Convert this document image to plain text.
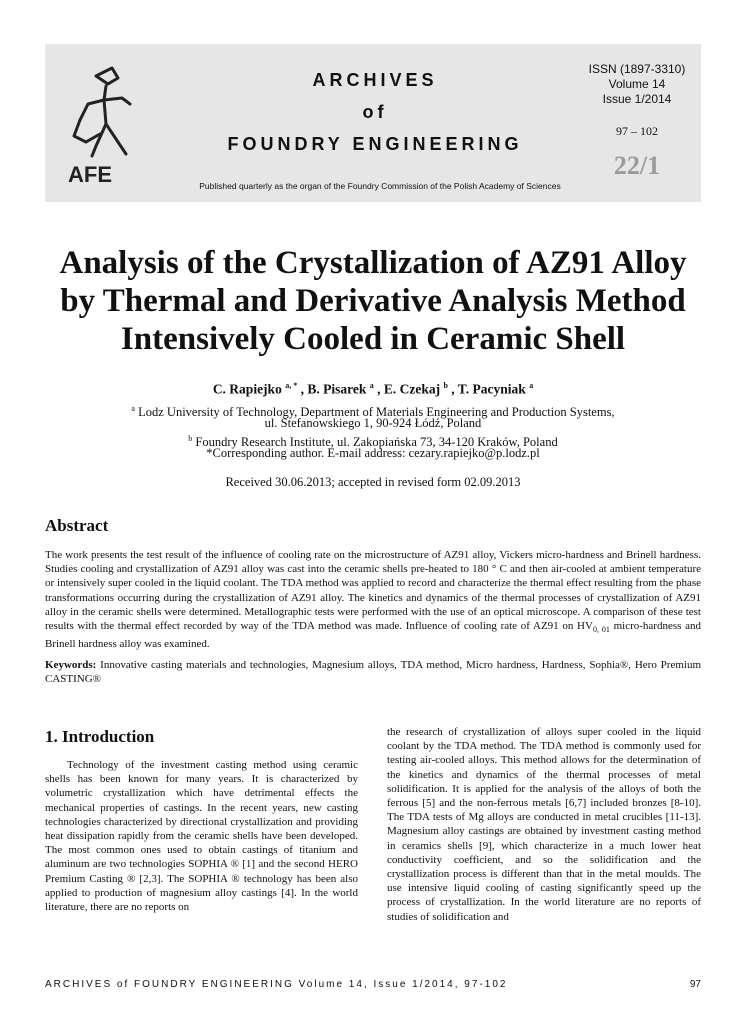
AFE
ARCHIVES
of
FOUNDRY ENGINEERING
Published quarterly as the organ of the Foundry Commission of the Polish Academy of Sciences
ISSN (1897-3310)
Volume 14
Issue 1/2014
97 – 102
22/1
Analysis of the Crystallization of AZ91 Alloy
by Thermal and Derivative Analysis Method
Intensively Cooled in Ceramic Shell
C. Rapiejko $^{a, *}$ , B. Pisarek $^a$ , E. Czekaj $^b$ , T. Pacyniak $^a$
$^a$ Lodz University of Technology, Department of Materials Engineering and Production Systems,
ul. Stefanowskiego 1, 90-924 Łódź, Poland
$^b$ Foundry Research Institute, ul. Zakopiańska 73, 34-120 Kraków, Poland
*Corresponding author. E-mail address: cezary.rapiejko@p.lodz.pl
Received 30.06.2013; accepted in revised form 02.09.2013
Abstract
The work presents the test result of the influence of cooling rate on the microstructure of AZ91 alloy, Vickers micro-hardness and Brinell hardness. Studies cooling and crystallization of AZ91 alloy was cast into the ceramic shells pre-heated to 180 ° C and then air-cooled at ambient temperature or intensively super cooled in the liquid coolant. The TDA method was applied to record and characterize the thermal effect resulting from the phase transformations occurring during the crystallization of AZ91 alloy. The kinetics and dynamics of the thermal processes of crystallization of AZ91 alloy in the ceramic shells were determined. Metallographic tests were performed with the use of an optical microscope. A comparison of these test results with the thermal effect recorded by way of the TDA method was made. Influence of cooling rate of AZ91 on $HV_{0, 01}$ micro-hardness and Brinell hardness alloy was examined.
Keywords: Innovative casting materials and technologies, Magnesium alloys, TDA method, Micro hardness, Hardness, Sophia®, Hero Premium CASTING®
1. Introduction
Technology of the investment casting method using ceramic shells has been known for many years. It is characterized by volumetric crystallization which have detrimental effects the mechanical properties of castings. In the recent years, new casting technologies characterized by directional crystallization and providing heat dissipation rapidly from the ceramic shells have been developed. The most common ones used to obtain castings of titanium and aluminum are two technologies SOPHIA ® [1] and the second HERO Premium Casting ® [2,3]. The SOPHIA ® technology has been also applied to production of magnesium alloy castings [4]. In the world literature, there are no reports on
the research of crystallization of alloys super cooled in the liquid coolant by the TDA method. The TDA method is commonly used for testing air-cooled alloys. This method allows for the determination of the kinetics and dynamics of the thermal processes of metal solidification. It is applied for the analysis of the alloys of both the ferrous [5] and the non-ferrous metals [6,7] included bronzes [8-10]. The TDA tests of Mg alloys are conducted in metal crucibles [11-13]. Magnesium alloy castings are obtained by investment casting method in ceramics shells [9], which characterize in a much lower heat conductivity coefficient, and so the solidification and the crystallization process is different than that in the metal moulds. The use intensive liquid cooling of casting significantly speed up the process of crystallization. In the world literature are no reports of studies of solidification and
ARCHIVES of FOUNDRY ENGINEERING Volume 14, Issue 1/2014, 97-102	97
